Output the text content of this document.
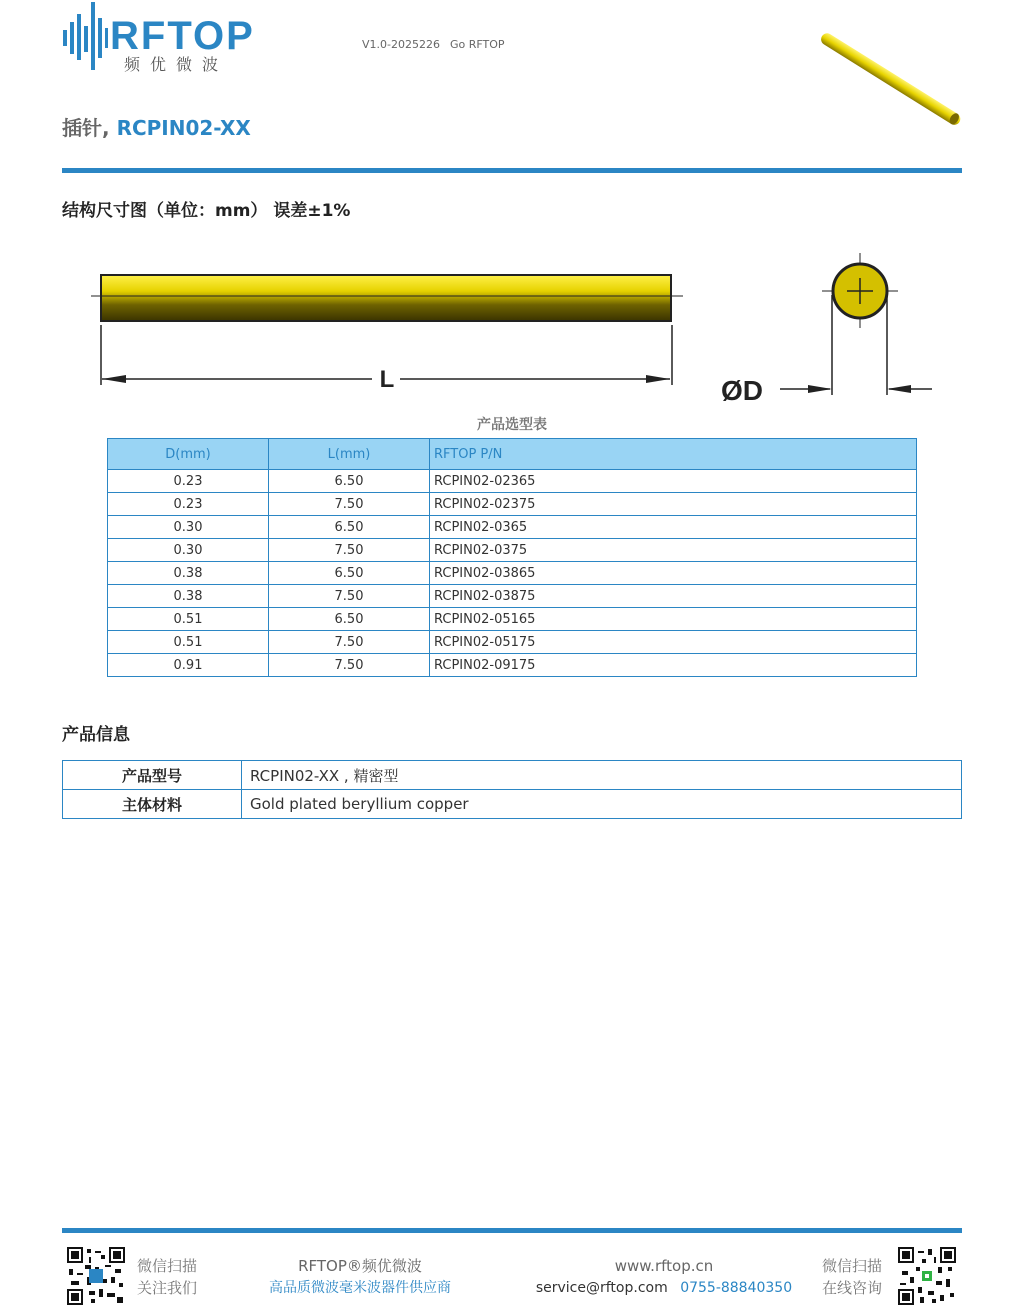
RFTOP
频优微波
V1.0-2025226 Go RFTOP
插针, RCPIN02-XX
结构尺寸图（单位：mm） 误差±1%
L	ØD
产品选型表
D(mm)	L(mm)	RFTOP P/N
0.23	6.50	RCPIN02-02365
0.23	7.50	RCPIN02-02375
0.30	6.50	RCPIN02-0365
0.30	7.50	RCPIN02-0375
0.38	6.50	RCPIN02-03865
0.38	7.50	RCPIN02-03875
0.51	6.50	RCPIN02-05165
0.51	7.50	RCPIN02-05175
0.91	7.50	RCPIN02-09175
产品信息
产品型号	RCPIN02-XX , 精密型
主体材料	Gold plated beryllium copper
微信扫描
关注我们
RFTOP®频优微波
高品质微波毫米波器件供应商
www.rftop.cn
service@rftop.com 0755-88840350
微信扫描
在线咨询
